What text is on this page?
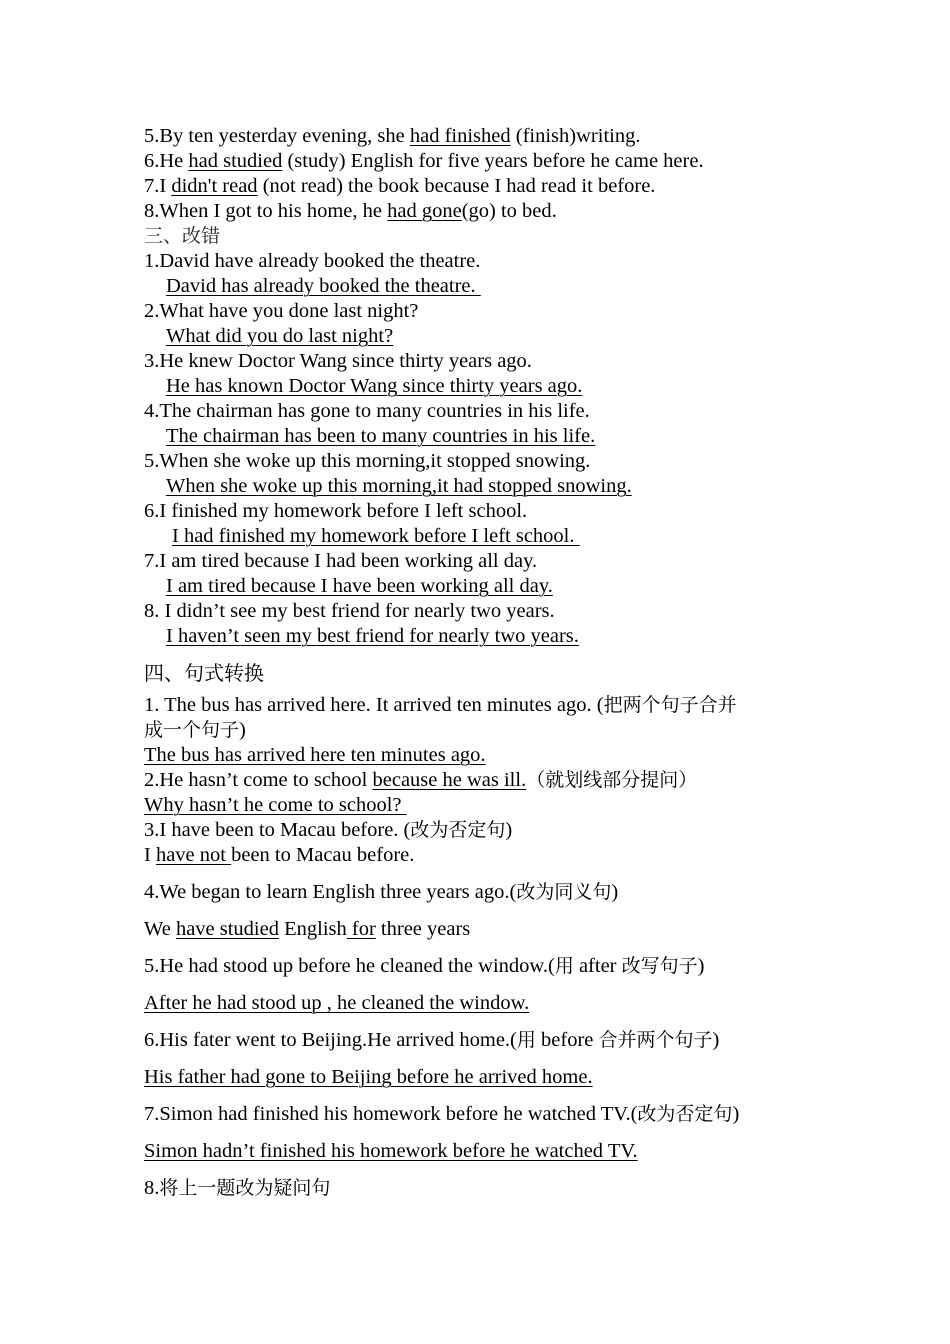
5.By ten yesterday evening, she had finished (finish)writing.
6.He had studied (study) English for five years before he came here.
7.I didn't read (not read) the book because I had read it before.
8.When I got to his home, he had gone(go) to bed.
三、改错
1.David have already booked the theatre.
David has already booked the theatre.
2.What have you done last night?
What did you do last night?
3.He knew Doctor Wang since thirty years ago.
He has known Doctor Wang since thirty years ago.
4.The chairman has gone to many countries in his life.
The chairman has been to many countries in his life.
5.When she woke up this morning,it stopped snowing.
When she woke up this morning,it had stopped snowing.
6.I finished my homework before I left school.
I had finished my homework before I left school.
7.I am tired because I had been working all day.
I am tired because I have been working all day.
8. I didn’t see my best friend for nearly two years.
I haven’t seen my best friend for nearly two years.
四、句式转换
1. The bus has arrived here. It arrived ten minutes ago. (把两个句子合并
成一个句子)
The bus has arrived here ten minutes ago.
2.He hasn’t come to school because he was ill.（就划线部分提问）
Why hasn’t he come to school?
3.I have been to Macau before. (改为否定句)
I have not been to Macau before.
4.We began to learn English three years ago.(改为同义句)
We have studied English for three years
5.He had stood up before he cleaned the window.(用 after 改写句子)
After he had stood up , he cleaned the window.
6.His fater went to Beijing.He arrived home.(用 before 合并两个句子)
His father had gone to Beijing before he arrived home.
7.Simon had finished his homework before he watched TV.(改为否定句)
Simon hadn’t finished his homework before he watched TV.
8.将上一题改为疑问句
